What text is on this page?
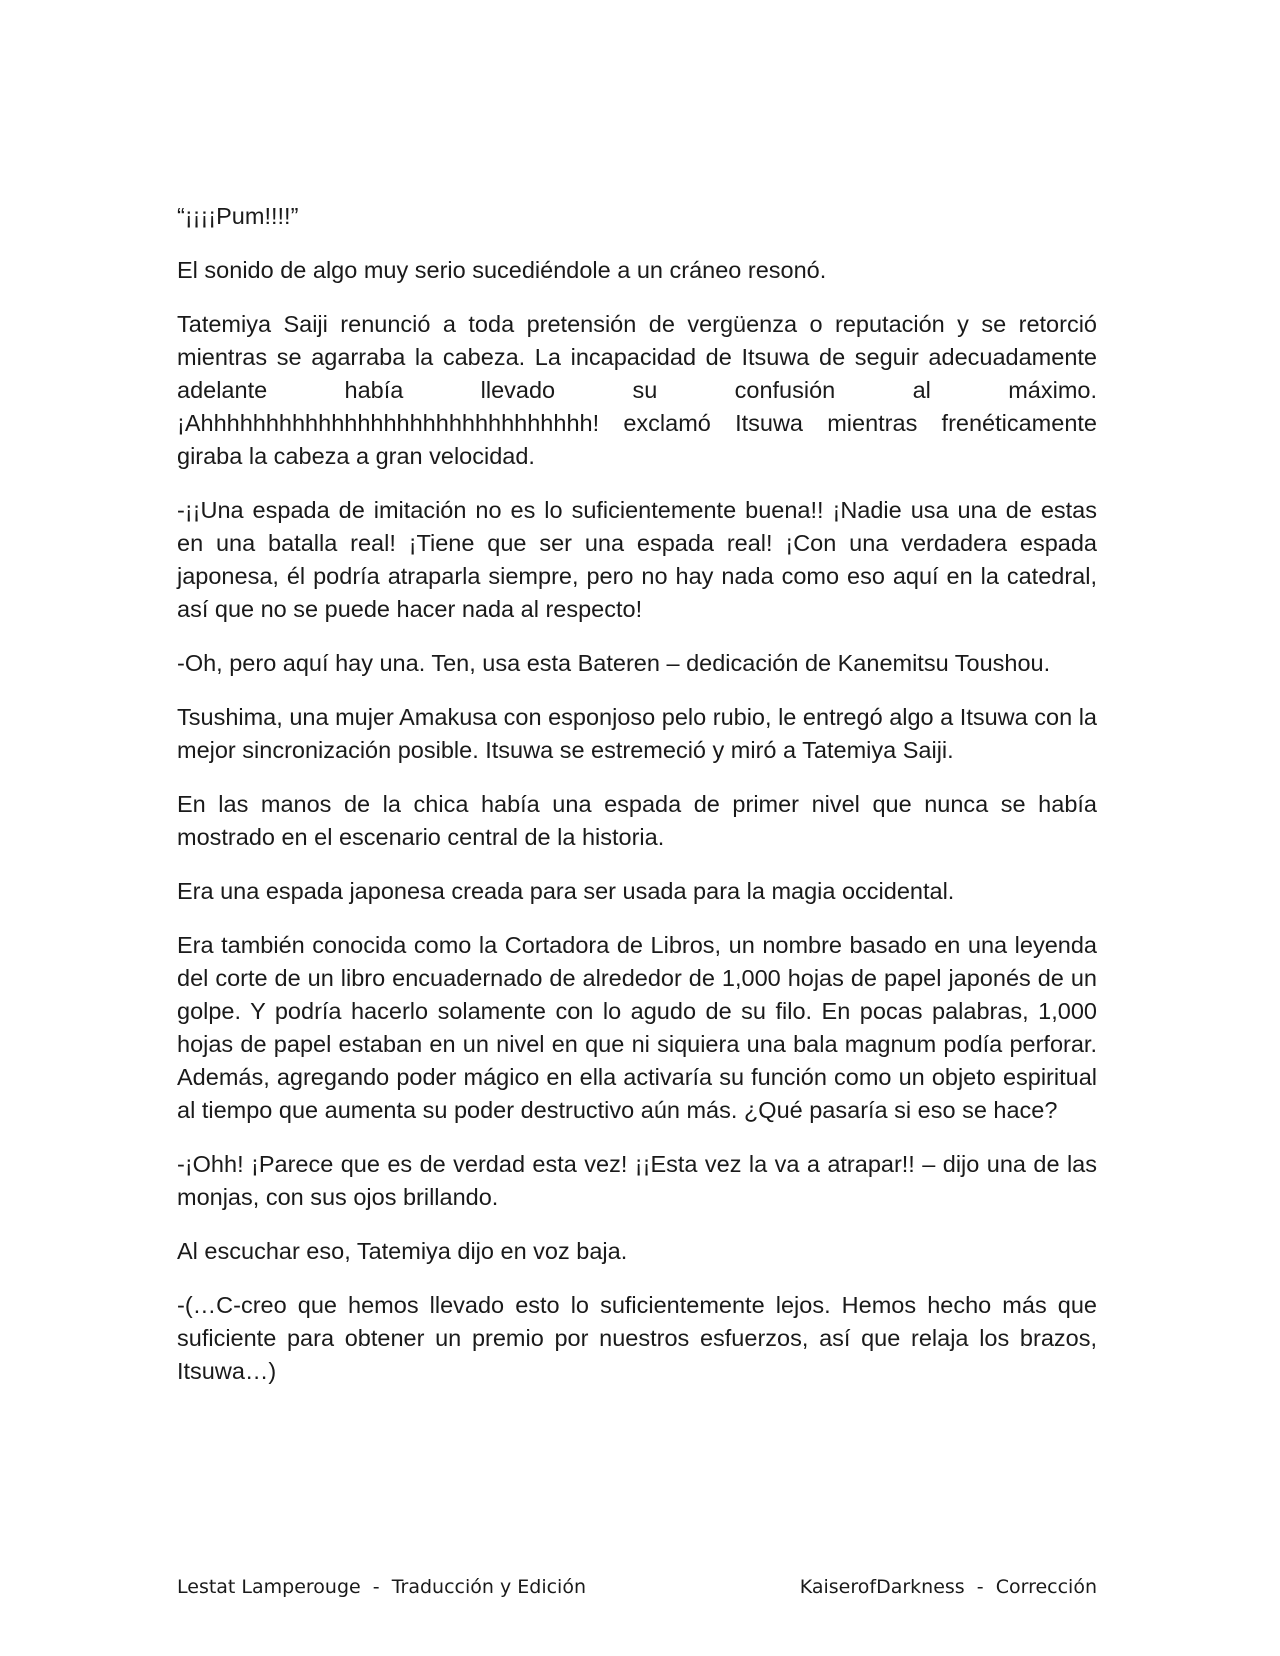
“¡¡¡¡Pum!!!!”

El sonido de algo muy serio sucediéndole a un cráneo resonó.

Tatemiya Saiji renunció a toda pretensión de vergüenza o reputación y se retorció mientras se agarraba la cabeza. La incapacidad de Itsuwa de seguir adecuadamente adelante había llevado su confusión al máximo. ¡Ahhhhhhhhhhhhhhhhhhhhhhhhhhhhhh! exclamó Itsuwa mientras frenéticamente giraba la cabeza a gran velocidad.

-¡¡Una espada de imitación no es lo suficientemente buena!! ¡Nadie usa una de estas en una batalla real! ¡Tiene que ser una espada real! ¡Con una verdadera espada japonesa, él podría atraparla siempre, pero no hay nada como eso aquí en la catedral, así que no se puede hacer nada al respecto!

-Oh, pero aquí hay una. Ten, usa esta Bateren – dedicación de Kanemitsu Toushou.

Tsushima, una mujer Amakusa con esponjoso pelo rubio, le entregó algo a Itsuwa con la mejor sincronización posible. Itsuwa se estremeció y miró a Tatemiya Saiji.

En las manos de la chica había una espada de primer nivel que nunca se había mostrado en el escenario central de la historia.

Era una espada japonesa creada para ser usada para la magia occidental.

Era también conocida como la Cortadora de Libros, un nombre basado en una leyenda del corte de un libro encuadernado de alrededor de 1,000 hojas de papel japonés de un golpe. Y podría hacerlo solamente con lo agudo de su filo. En pocas palabras, 1,000 hojas de papel estaban en un nivel en que ni siquiera una bala magnum podía perforar. Además, agregando poder mágico en ella activaría su función como un objeto espiritual al tiempo que aumenta su poder destructivo aún más. ¿Qué pasaría si eso se hace?

-¡Ohh! ¡Parece que es de verdad esta vez! ¡¡Esta vez la va a atrapar!! – dijo una de las monjas, con sus ojos brillando.

Al escuchar eso, Tatemiya dijo en voz baja.

-(…C-creo que hemos llevado esto lo suficientemente lejos. Hemos hecho más que suficiente para obtener un premio por nuestros esfuerzos, así que relaja los brazos, Itsuwa…)

Lestat Lamperouge  -  Traducción y Edición	KaiserofDarkness  -  Corrección
